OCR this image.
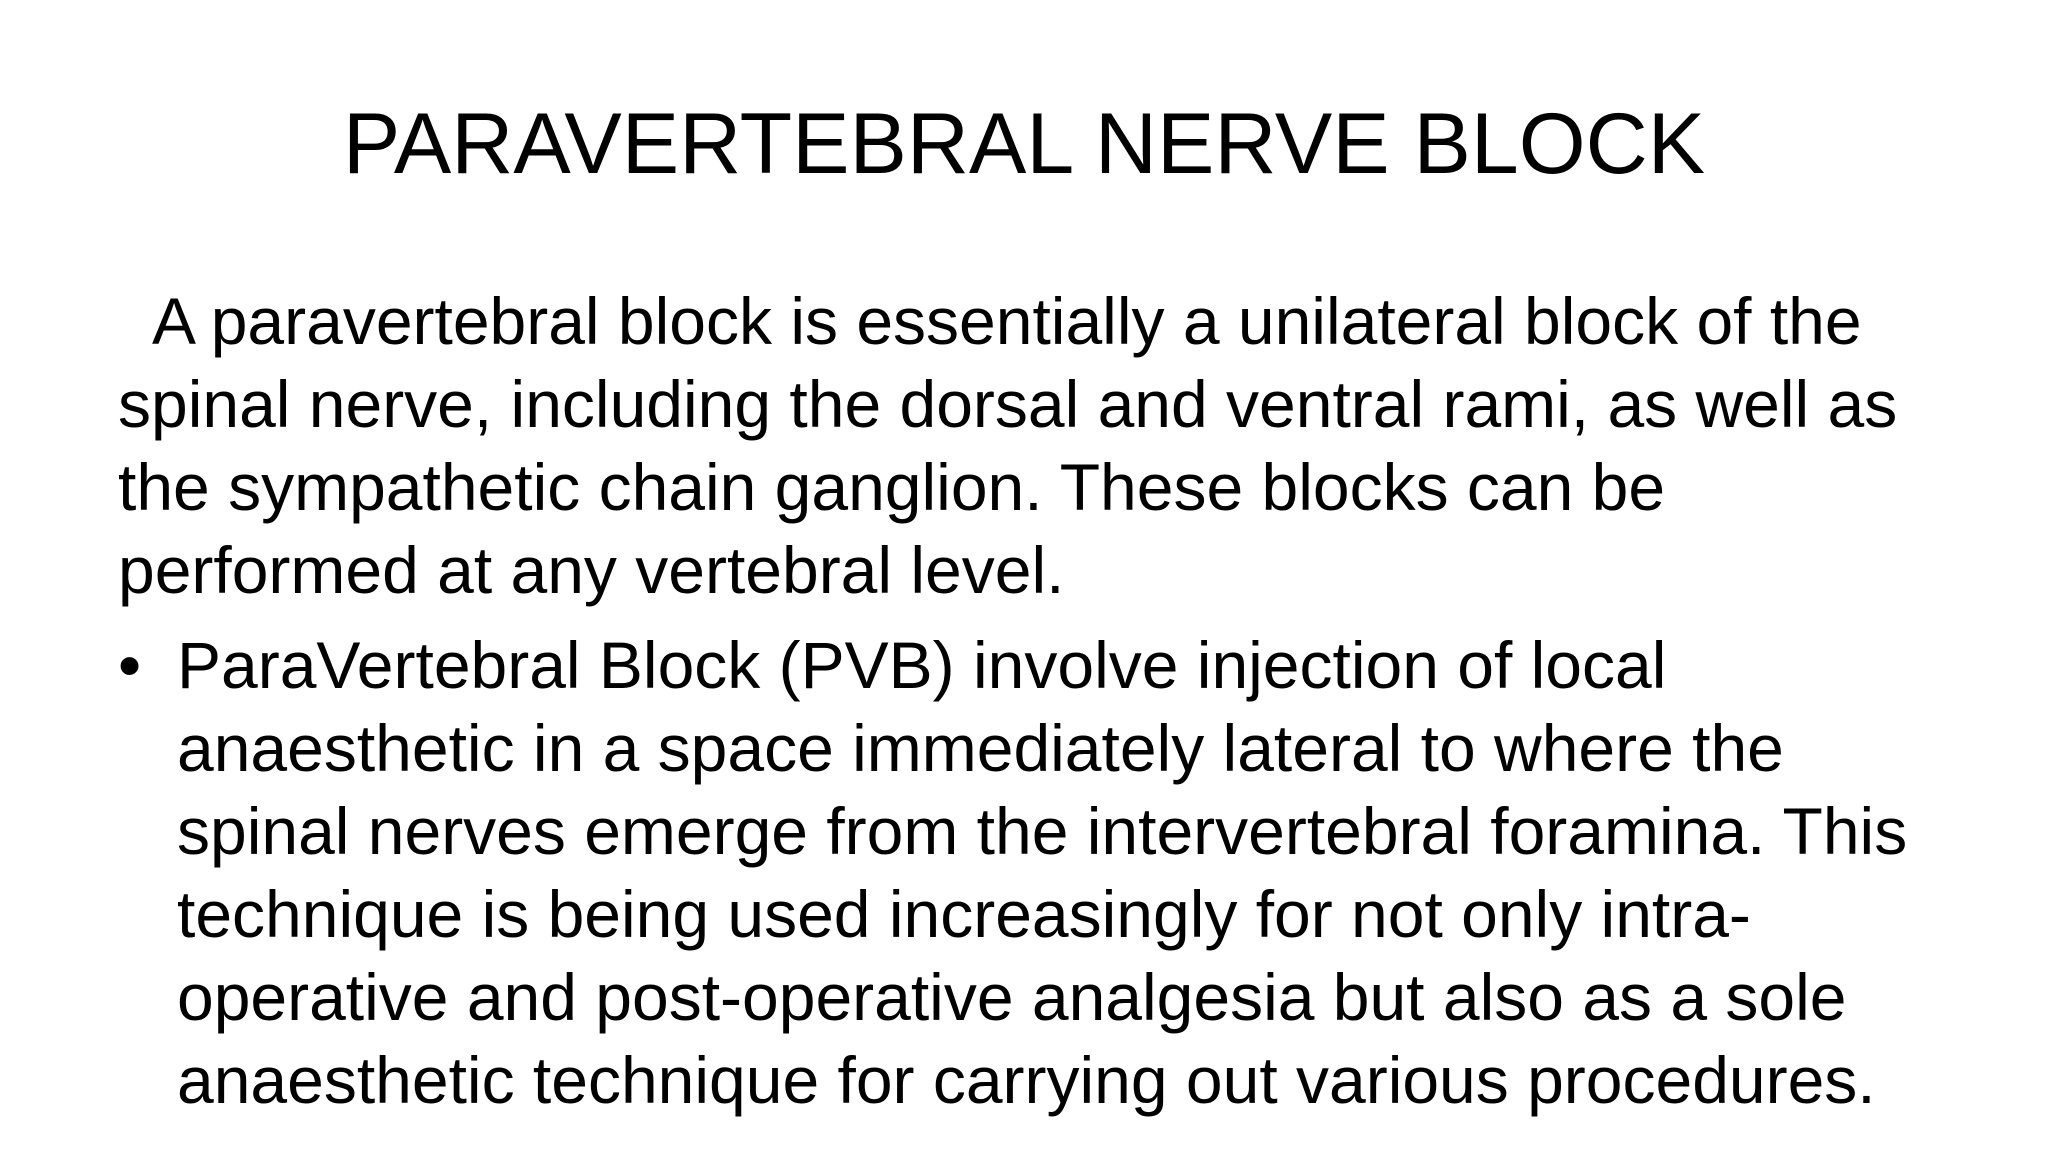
PARAVERTEBRAL NERVE BLOCK

A paravertebral block is essentially a unilateral block of the spinal nerve, including the dorsal and ventral rami, as well as the sympathetic chain ganglion. These blocks can be performed at any vertebral level.

• ParaVertebral Block (PVB) involve injection of local anaesthetic in a space immediately lateral to where the spinal nerves emerge from the intervertebral foramina. This technique is being used increasingly for not only intra-operative and post-operative analgesia but also as a sole anaesthetic technique for carrying out various procedures.
